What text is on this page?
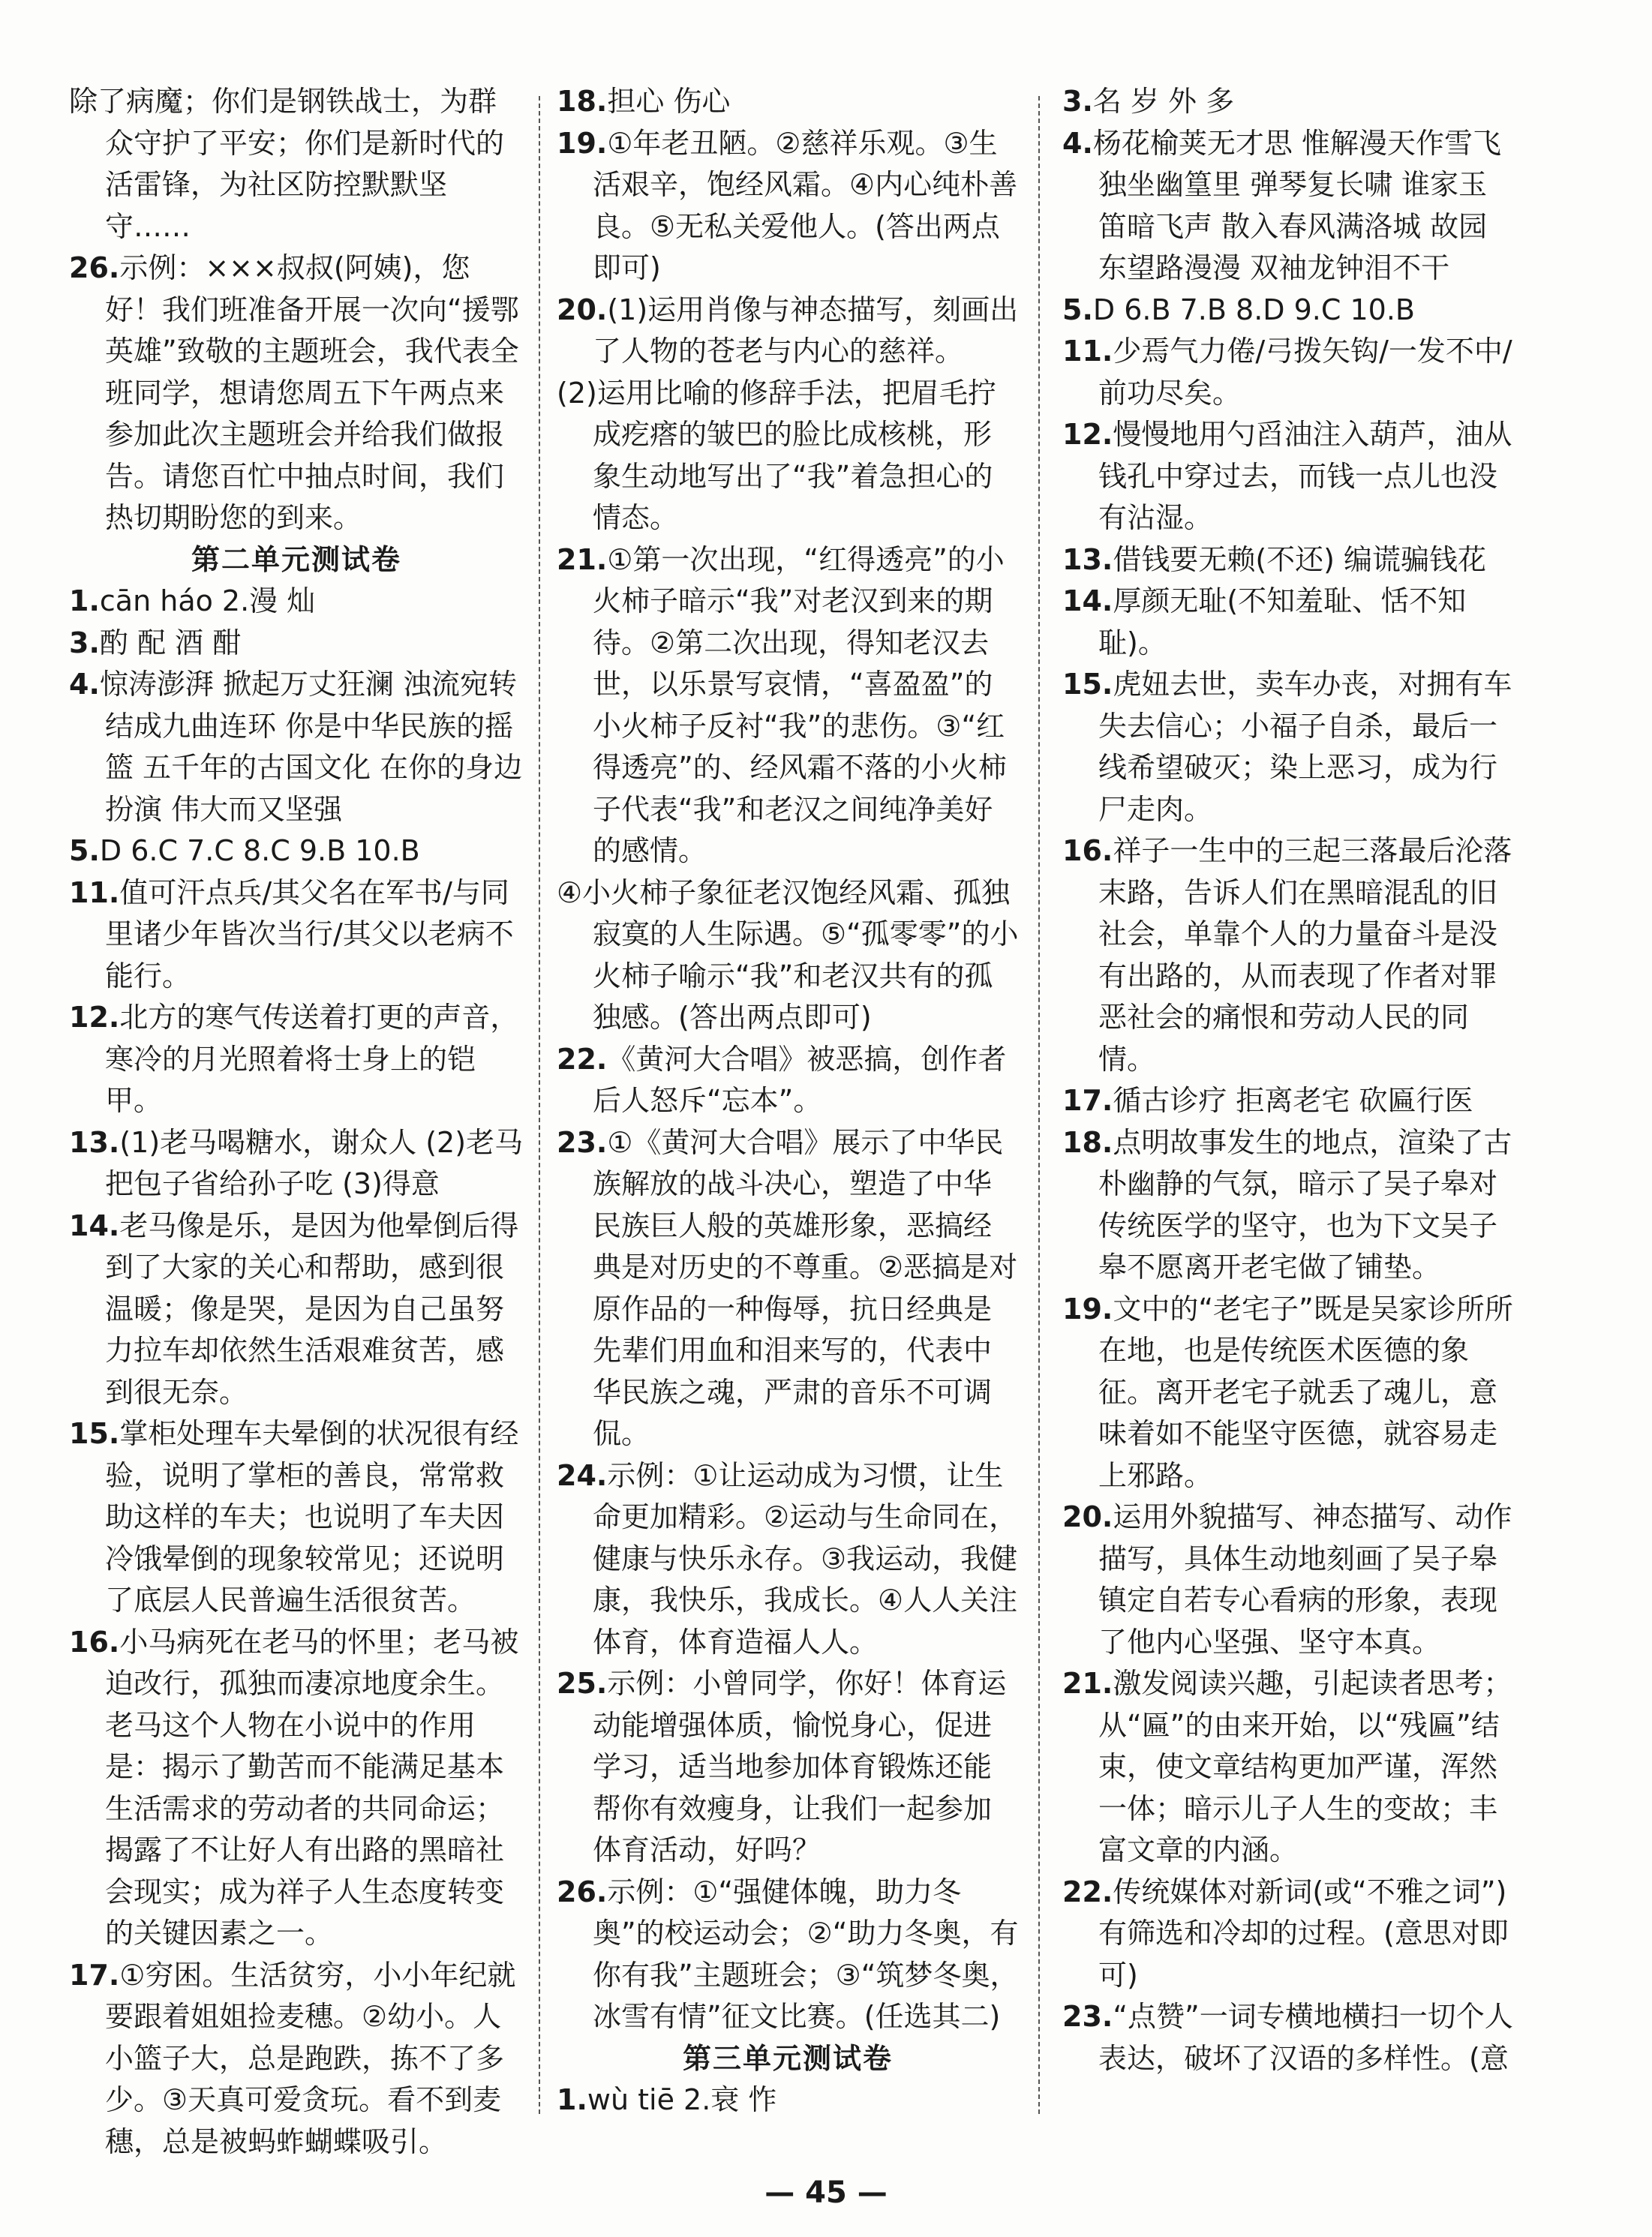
除了病魔；你们是钢铁战士，为群众守护了平安；你们是新时代的活雷锋，为社区防控默默坚守……

26.示例：×××叔叔(阿姨)，您好！我们班准备开展一次向“援鄂英雄”致敬的主题班会，我代表全班同学，想请您周五下午两点来参加此次主题班会并给我们做报告。请您百忙中抽点时间，我们热切期盼您的到来。

第二单元测试卷

1.cān háo 2.漫 灿

3.酌 配 酒 酣

4.惊涛澎湃 掀起万丈狂澜 浊流宛转 结成九曲连环 你是中华民族的摇篮 五千年的古国文化 在你的身边扮演 伟大而又坚强

5.D 6.C 7.C 8.C 9.B 10.B

11.值可汗点兵/其父名在军书/与同里诸少年皆次当行/其父以老病不能行。

12.北方的寒气传送着打更的声音，寒冷的月光照着将士身上的铠甲。

13.(1)老马喝糖水，谢众人 (2)老马把包子省给孙子吃 (3)得意

14.老马像是乐，是因为他晕倒后得到了大家的关心和帮助，感到很温暖；像是哭，是因为自己虽努力拉车却依然生活艰难贫苦，感到很无奈。

15.掌柜处理车夫晕倒的状况很有经验，说明了掌柜的善良，常常救助这样的车夫；也说明了车夫因冷饿晕倒的现象较常见；还说明了底层人民普遍生活很贫苦。

16.小马病死在老马的怀里；老马被迫改行，孤独而凄凉地度余生。老马这个人物在小说中的作用是：揭示了勤苦而不能满足基本生活需求的劳动者的共同命运；揭露了不让好人有出路的黑暗社会现实；成为祥子人生态度转变的关键因素之一。

17.①穷困。生活贫穷，小小年纪就要跟着姐姐捡麦穗。②幼小。人小篮子大，总是跑跌，拣不了多少。③天真可爱贪玩。看不到麦穗，总是被蚂蚱蝴蝶吸引。

18.担心 伤心

19.①年老丑陋。②慈祥乐观。③生活艰辛，饱经风霜。④内心纯朴善良。⑤无私关爱他人。(答出两点即可)

20.(1)运用肖像与神态描写，刻画出了人物的苍老与内心的慈祥。

(2)运用比喻的修辞手法，把眉毛拧成疙瘩的皱巴的脸比成核桃，形象生动地写出了“我”着急担心的情态。

21.①第一次出现，“红得透亮”的小火柿子暗示“我”对老汉到来的期待。②第二次出现，得知老汉去世，以乐景写哀情，“喜盈盈”的小火柿子反衬“我”的悲伤。③“红得透亮”的、经风霜不落的小火柿子代表“我”和老汉之间纯净美好的感情。

④小火柿子象征老汉饱经风霜、孤独寂寞的人生际遇。⑤“孤零零”的小火柿子喻示“我”和老汉共有的孤独感。(答出两点即可)

22.《黄河大合唱》被恶搞，创作者后人怒斥“忘本”。

23.①《黄河大合唱》展示了中华民族解放的战斗决心，塑造了中华民族巨人般的英雄形象，恶搞经典是对历史的不尊重。②恶搞是对原作品的一种侮辱，抗日经典是先辈们用血和泪来写的，代表中华民族之魂，严肃的音乐不可调侃。

24.示例：①让运动成为习惯，让生命更加精彩。②运动与生命同在，健康与快乐永存。③我运动，我健康，我快乐，我成长。④人人关注体育，体育造福人人。

25.示例：小曾同学，你好！体育运动能增强体质，愉悦身心，促进学习，适当地参加体育锻炼还能帮你有效瘦身，让我们一起参加体育活动，好吗？

26.示例：①“强健体魄，助力冬奥”的校运动会；②“助力冬奥，有你有我”主题班会；③“筑梦冬奥，冰雪有情”征文比赛。(任选其二)

第三单元测试卷

1.wù tiē 2.衰 怍

3.名 岁 外 多

4.杨花榆荚无才思 惟解漫天作雪飞 独坐幽篁里 弹琴复长啸 谁家玉笛暗飞声 散入春风满洛城 故园东望路漫漫 双袖龙钟泪不干

5.D 6.B 7.B 8.D 9.C 10.B

11.少焉气力倦/弓拨矢钩/一发不中/前功尽矣。

12.慢慢地用勺舀油注入葫芦，油从钱孔中穿过去，而钱一点儿也没有沾湿。

13.借钱要无赖(不还) 编谎骗钱花

14.厚颜无耻(不知羞耻、恬不知耻)。

15.虎妞去世，卖车办丧，对拥有车失去信心；小福子自杀，最后一线希望破灭；染上恶习，成为行尸走肉。

16.祥子一生中的三起三落最后沦落末路，告诉人们在黑暗混乱的旧社会，单靠个人的力量奋斗是没有出路的，从而表现了作者对罪恶社会的痛恨和劳动人民的同情。

17.循古诊疗 拒离老宅 砍匾行医

18.点明故事发生的地点，渲染了古朴幽静的气氛，暗示了吴子皋对传统医学的坚守，也为下文吴子皋不愿离开老宅做了铺垫。

19.文中的“老宅子”既是吴家诊所所在地，也是传统医术医德的象征。离开老宅子就丢了魂儿，意味着如不能坚守医德，就容易走上邪路。

20.运用外貌描写、神态描写、动作描写，具体生动地刻画了吴子皋镇定自若专心看病的形象，表现了他内心坚强、坚守本真。

21.激发阅读兴趣，引起读者思考；从“匾”的由来开始，以“残匾”结束，使文章结构更加严谨，浑然一体；暗示儿子人生的变故；丰富文章的内涵。

22.传统媒体对新词(或“不雅之词”)有筛选和冷却的过程。(意思对即可)

23.“点赞”一词专横地横扫一切个人表达，破坏了汉语的多样性。(意

— 45 —
